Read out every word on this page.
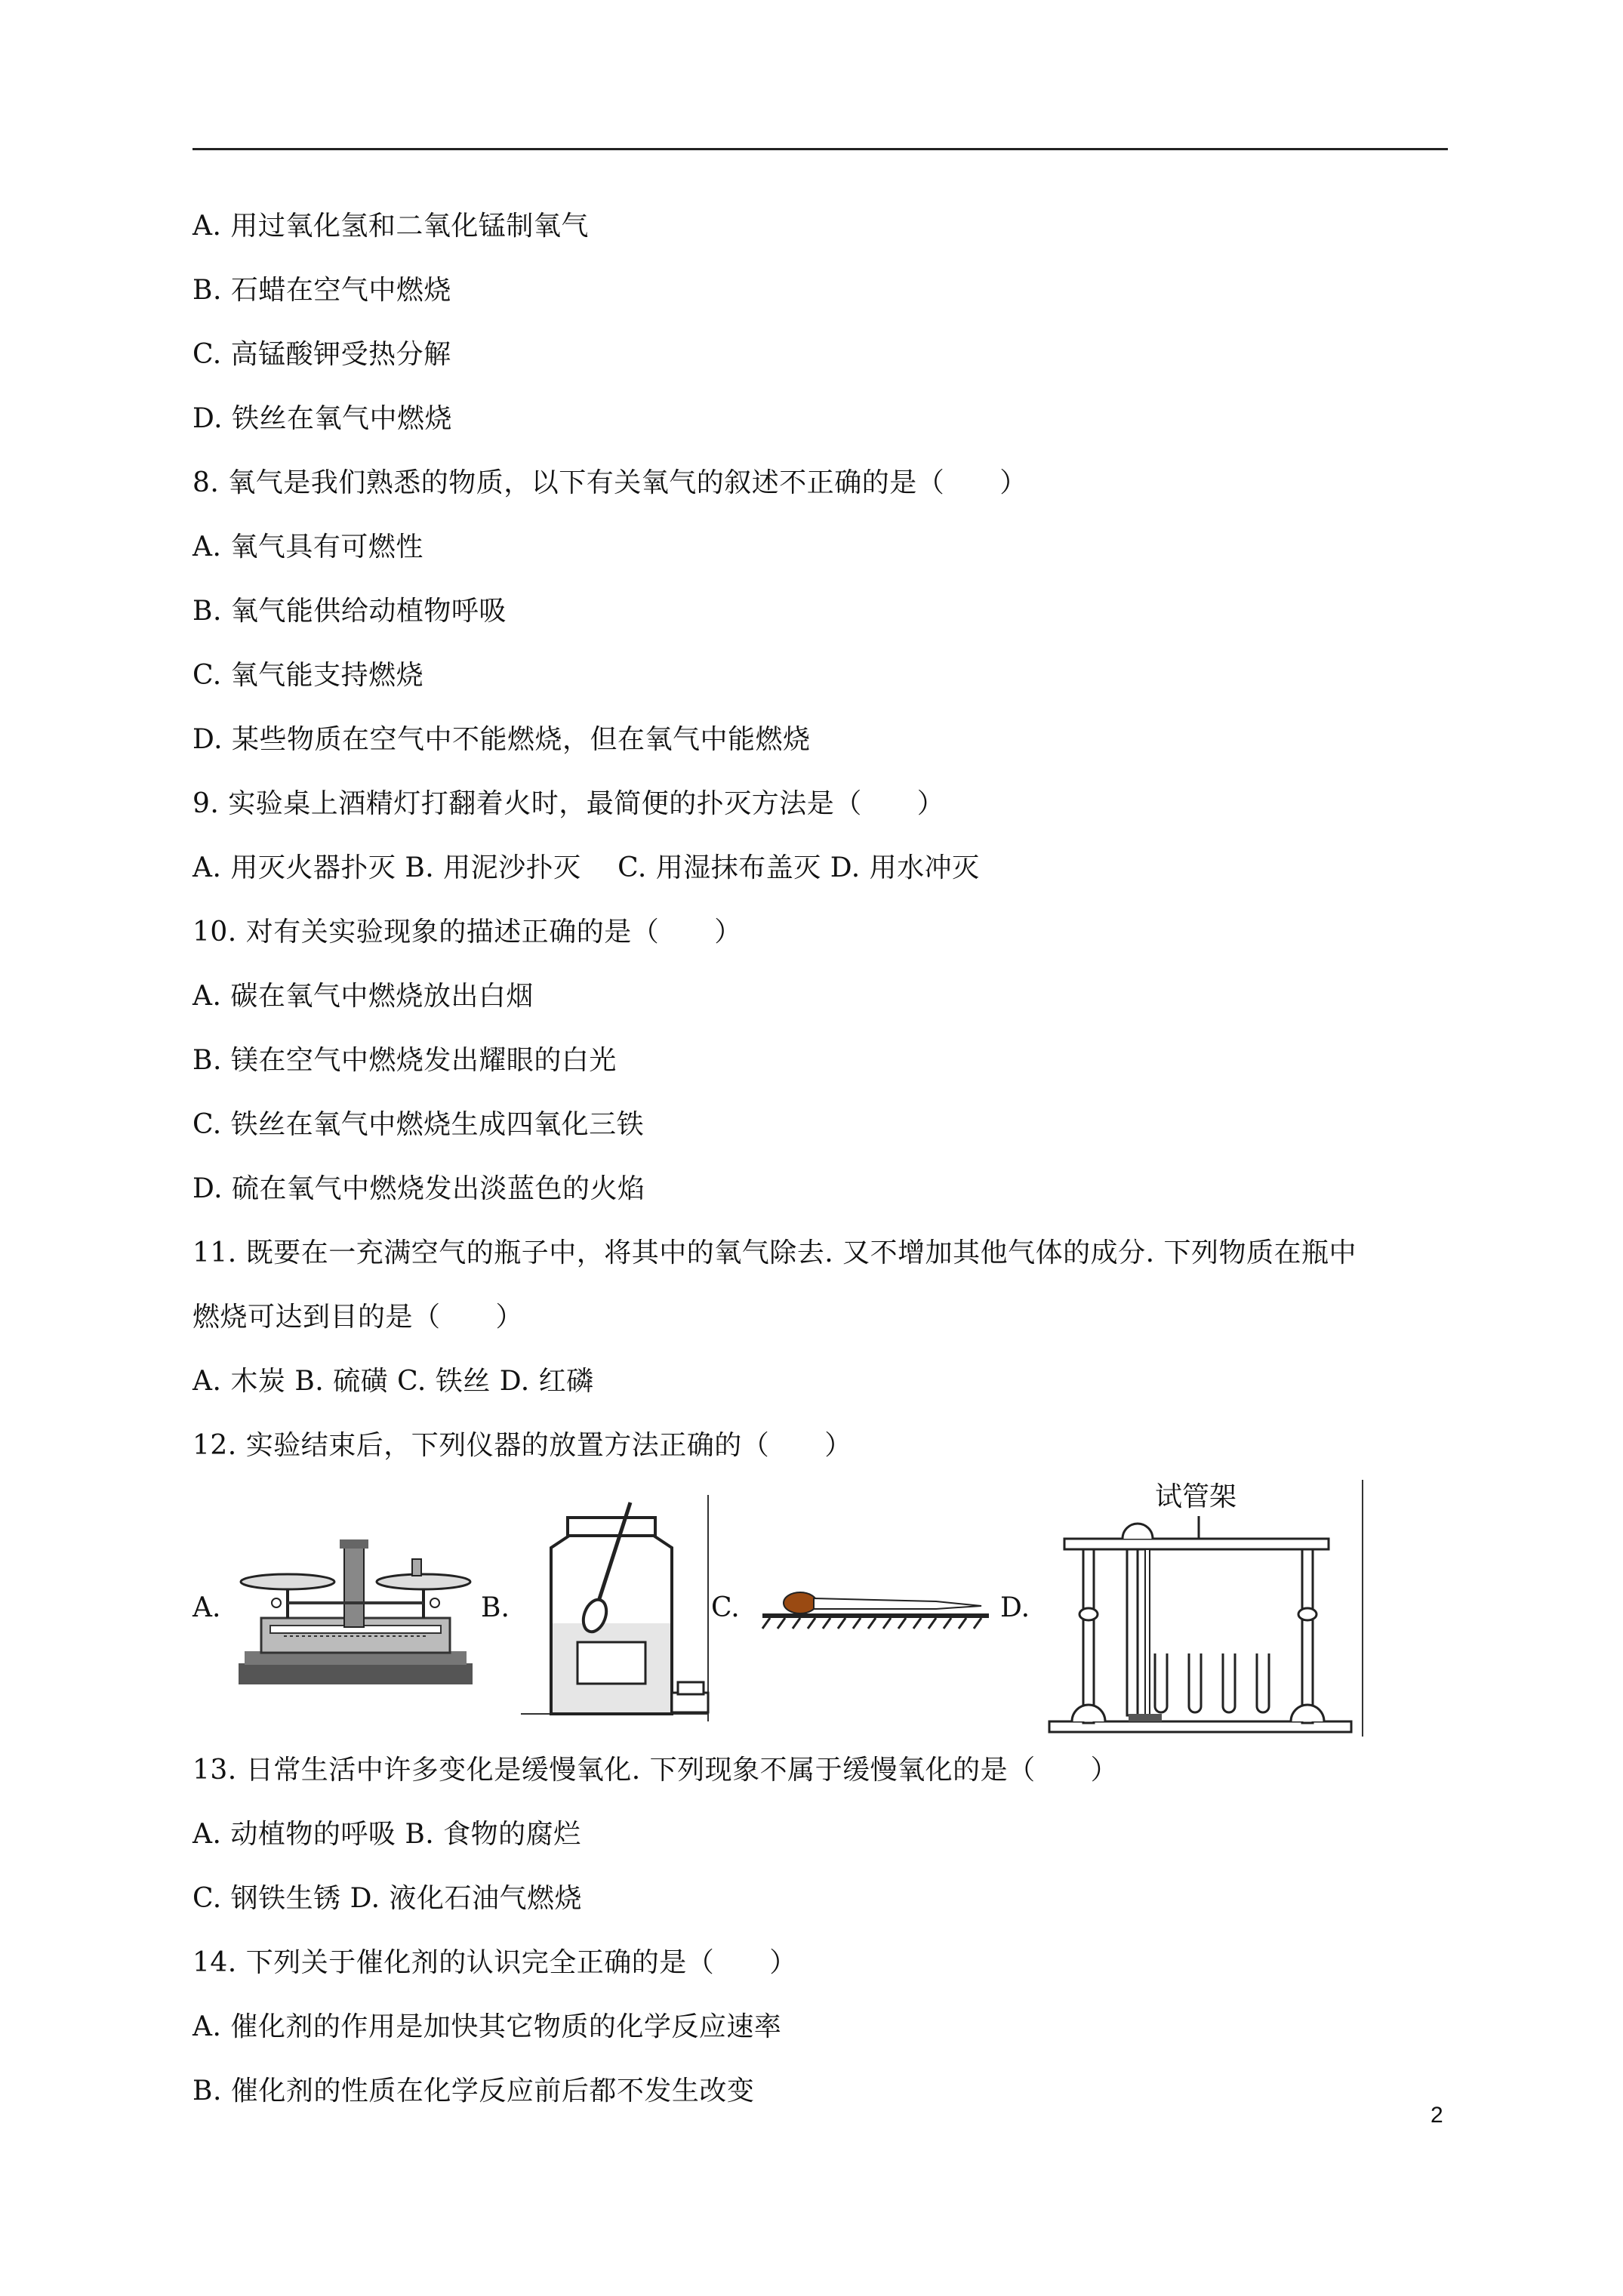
A. 用过氧化氢和二氧化锰制氧气
B. 石蜡在空气中燃烧
C. 高锰酸钾受热分解
D. 铁丝在氧气中燃烧
8. 氧气是我们熟悉的物质，以下有关氧气的叙述不正确的是（　　）
A. 氧气具有可燃性
B. 氧气能供给动植物呼吸
C. 氧气能支持燃烧
D. 某些物质在空气中不能燃烧，但在氧气中能燃烧
9. 实验桌上酒精灯打翻着火时，最简便的扑灭方法是（　　）
A. 用灭火器扑灭 B. 用泥沙扑灭　 C. 用湿抹布盖灭 D. 用水冲灭
10. 对有关实验现象的描述正确的是（　　）
A. 碳在氧气中燃烧放出白烟
B. 镁在空气中燃烧发出耀眼的白光
C. 铁丝在氧气中燃烧生成四氧化三铁
D. 硫在氧气中燃烧发出淡蓝色的火焰
11. 既要在一充满空气的瓶子中，将其中的氧气除去. 又不增加其他气体的成分. 下列物质在瓶中
燃烧可达到目的是（　　）
A. 木炭 B. 硫磺 C. 铁丝 D. 红磷
12. 实验结束后，下列仪器的放置方法正确的（　　）
A.	B.	C.	D.
试管架
13. 日常生活中许多变化是缓慢氧化. 下列现象不属于缓慢氧化的是（　　）
A. 动植物的呼吸 B. 食物的腐烂
C. 钢铁生锈 D. 液化石油气燃烧
14. 下列关于催化剂的认识完全正确的是（　　）
A. 催化剂的作用是加快其它物质的化学反应速率
B. 催化剂的性质在化学反应前后都不发生改变
2
